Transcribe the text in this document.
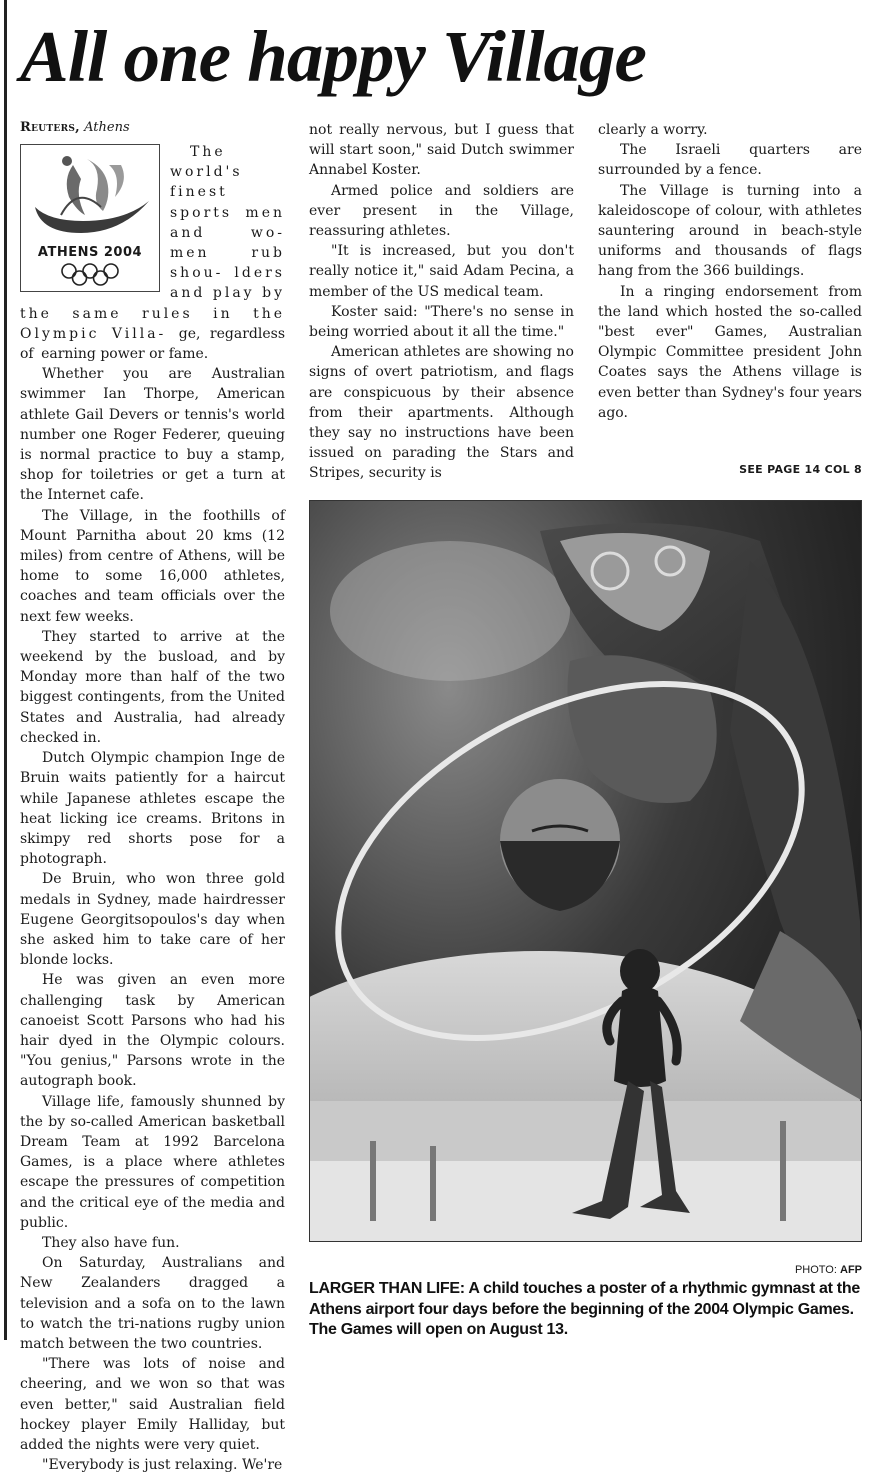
All one happy Village
Reuters, Athens
ATHENS 2004

The world's finest sports men and	wo- men rub shou- lders and play by the same rules in the Olympic Villa- ge, regardless of earning power or fame.

Whether you are Australian swimmer Ian Thorpe, American athlete Gail Devers or tennis's world number one Roger Federer, queuing is normal practice to buy a stamp, shop for toiletries or get a turn at the Internet cafe.

The Village, in the foothills of Mount Parnitha about 20 kms (12 miles) from centre of Athens, will be home to some 16,000 athletes, coaches and team officials over the next few weeks.

They started to arrive at the weekend by the busload, and by Monday more than half of the two biggest contingents, from the United States and Australia, had already checked in.

Dutch Olympic champion Inge de Bruin waits patiently for a haircut while Japanese athletes escape the heat licking ice creams. Britons in skimpy red shorts pose for a photograph.

De Bruin, who won three gold medals in Sydney, made hairdresser Eugene Georgitsopoulos's day when she asked him to take care of her blonde locks.

He was given an even more challenging task by American canoeist Scott Parsons who had his hair dyed in the Olympic colours. "You genius," Parsons wrote in the autograph book.

Village life, famously shunned by the by so-called American basketball Dream Team at 1992 Barcelona Games, is a place where athletes escape the pressures of competition and the critical eye of the media and public.

They also have fun.

On Saturday, Australians and New Zealanders dragged a television and a sofa on to the lawn to watch the tri-nations rugby union match between the two countries.

"There was lots of noise and cheering, and we won so that was even better," said Australian field hockey player Emily Halliday, but added the nights were very quiet.

"Everybody is just relaxing. We're

not really nervous, but I guess that will start soon," said Dutch swimmer Annabel Koster.

Armed police and soldiers are ever present in the Village, reassuring athletes.

"It is increased, but you don't really notice it," said Adam Pecina, a member of the US medical team.

Koster said: "There's no sense in being worried about it all the time."

American athletes are showing no signs of overt patriotism, and flags are conspicuous by their absence from their apartments. Although they say no instructions have been issued on parading the Stars and Stripes, security is

clearly a worry.

The Israeli quarters are surrounded by a fence.

The Village is turning into a kaleidoscope of colour, with athletes sauntering around in beach-style uniforms and thousands of flags hang from the 366 buildings.

In a ringing endorsement from the land which hosted the so-called "best ever" Games, Australian Olympic Committee president John Coates says the Athens village is even better than Sydney's four years ago.

SEE PAGE 14 COL 8
PHOTO: AFP

LARGER THAN LIFE: A child touches a poster of a rhythmic gymnast at the Athens airport four days before the beginning of the 2004 Olympic Games. The Games will open on August 13.
